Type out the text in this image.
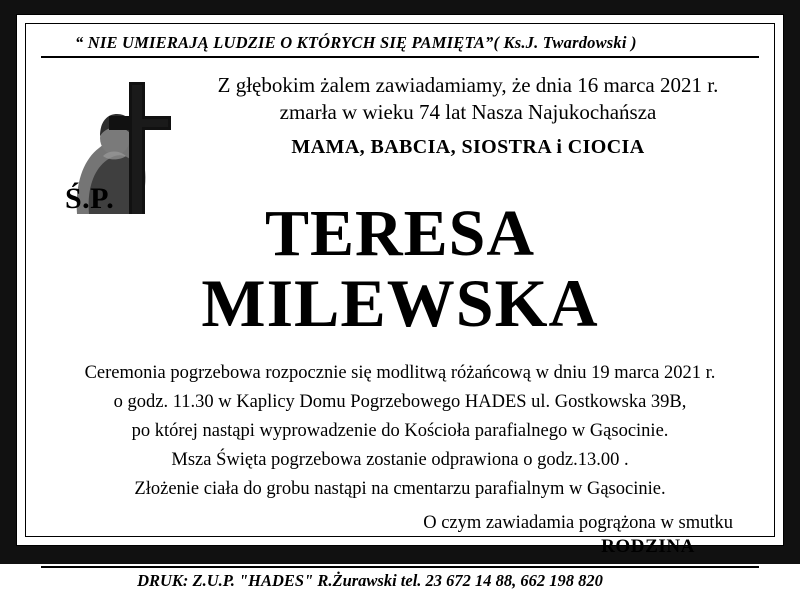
“ NIE UMIERAJĄ LUDZIE O KTÓRYCH SIĘ PAMIĘTA”( Ks.J. Twardowski )
Ś.P.
Z głębokim żalem zawiadamiamy, że dnia 16 marca 2021 r.
zmarła w wieku 74 lat Nasza Najukochańsza
MAMA, BABCIA, SIOSTRA i CIOCIA
TERESA
MILEWSKA

Ceremonia pogrzebowa rozpocznie się modlitwą różańcową w dniu 19 marca 2021 r.

o godz. 11.30 w Kaplicy Domu Pogrzebowego HADES ul. Gostkowska 39B,

po której nastąpi wyprowadzenie do Kościoła parafialnego w Gąsocinie.

Msza Święta pogrzebowa zostanie odprawiona o godz.13.00 .

Złożenie ciała do grobu nastąpi na cmentarzu parafialnym w Gąsocinie.

O czym zawiadamia pogrążona w smutku
RODZINA
DRUK: Z.U.P. "HADES" R.Żurawski tel. 23 672 14 88, 662 198 820
